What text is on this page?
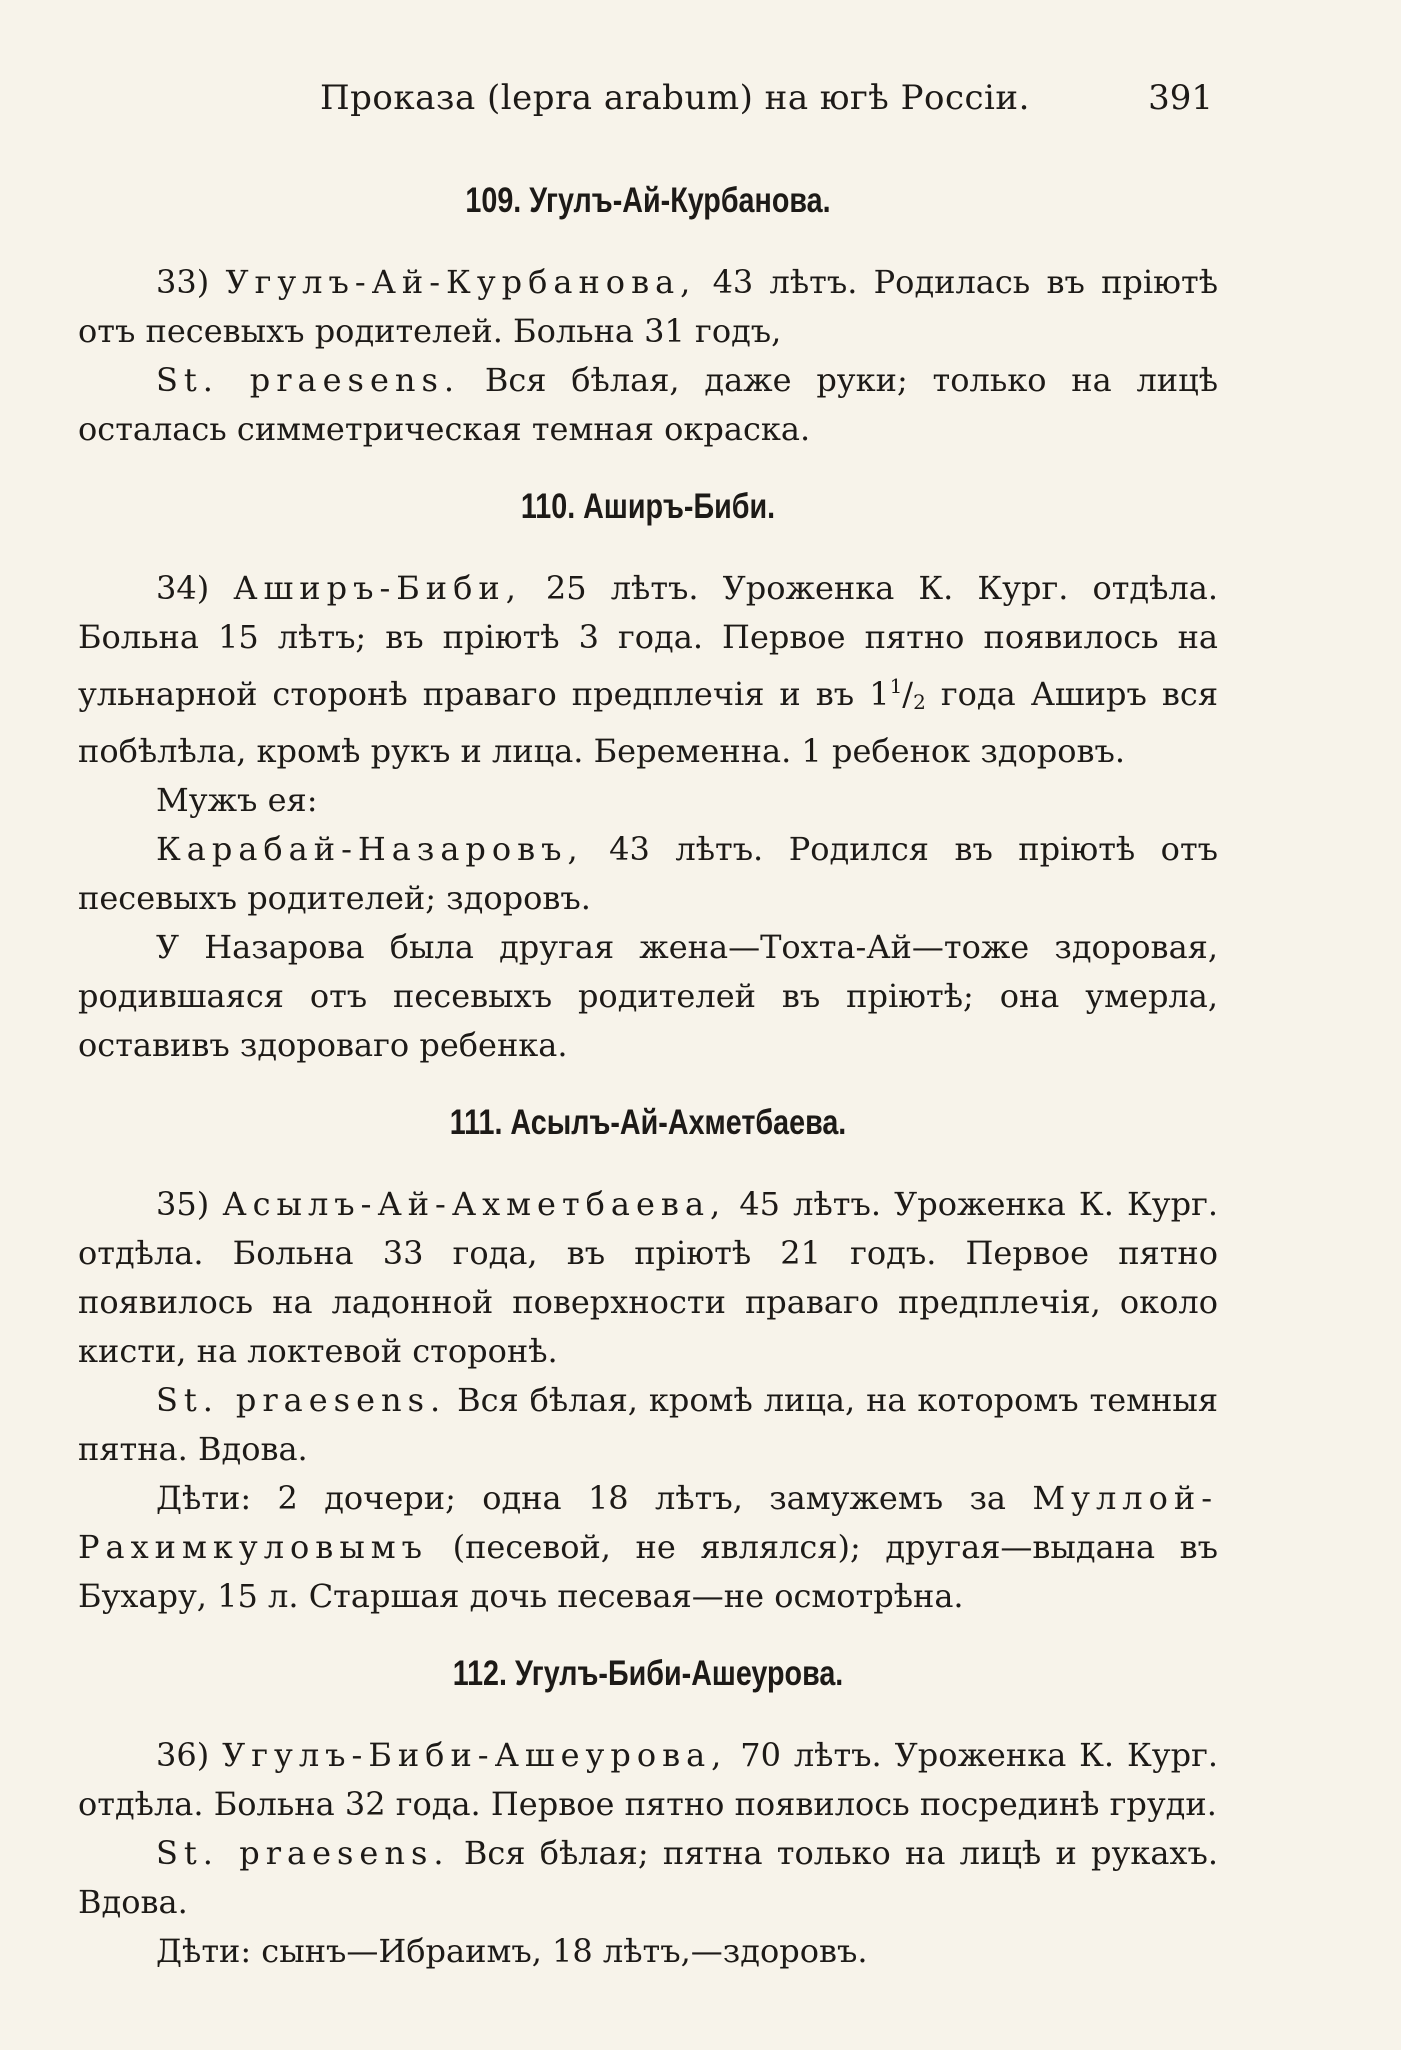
Проказа (lepra arabum) на югѣ Россіи.	391
109. Угулъ-Ай-Курбанова.

33) Угулъ-Ай-Курбанова, 43 лѣтъ. Родилась въ пріютѣ отъ песевыхъ родителей. Больна 31 годъ,

St. praesens. Вся бѣлая, даже руки; только на лицѣ осталась симметрическая темная окраска.

110. Аширъ-Биби.

34) Аширъ-Биби, 25 лѣтъ. Уроженка К. Кург. отдѣла. Больна 15 лѣтъ; въ пріютѣ 3 года. Первое пятно появилось на ульнарной сторонѣ праваго предплечія и въ $1^1/_2$ года Аширъ вся побѣлѣла, кромѣ рукъ и лица. Беременна. 1 ребенок здоровъ.

Мужъ ея:

Карабай-Назаровъ, 43 лѣтъ. Родился въ пріютѣ отъ песевыхъ родителей; здоровъ.

У Назарова была другая жена—Тохта-Ай—тоже здоровая, родившаяся отъ песевыхъ родителей въ пріютѣ; она умерла, оставивъ здороваго ребенка.

111. Асылъ-Ай-Ахметбаева.

35) Асылъ-Ай-Ахметбаева, 45 лѣтъ. Уроженка К. Кург. отдѣла. Больна 33 года, въ пріютѣ 21 годъ. Первое пятно появилось на ладонной поверхности праваго предплечія, около кисти, на локтевой сторонѣ.

St. praesens. Вся бѣлая, кромѣ лица, на которомъ темныя пятна. Вдова.

Дѣти: 2 дочери; одна 18 лѣтъ, замужемъ за Муллой-Рахимкуловымъ (песевой, не являлся); другая—выдана въ Бухару, 15 л. Старшая дочь песевая—не осмотрѣна.

112. Угулъ-Биби-Ашеурова.

36) Угулъ-Биби-Ашеурова, 70 лѣтъ. Уроженка К. Кург. отдѣла. Больна 32 года. Первое пятно появилось посрединѣ груди.

St. praesens. Вся бѣлая; пятна только на лицѣ и рукахъ. Вдова.

Дѣти: сынъ—Ибраимъ, 18 лѣтъ,—здоровъ.
